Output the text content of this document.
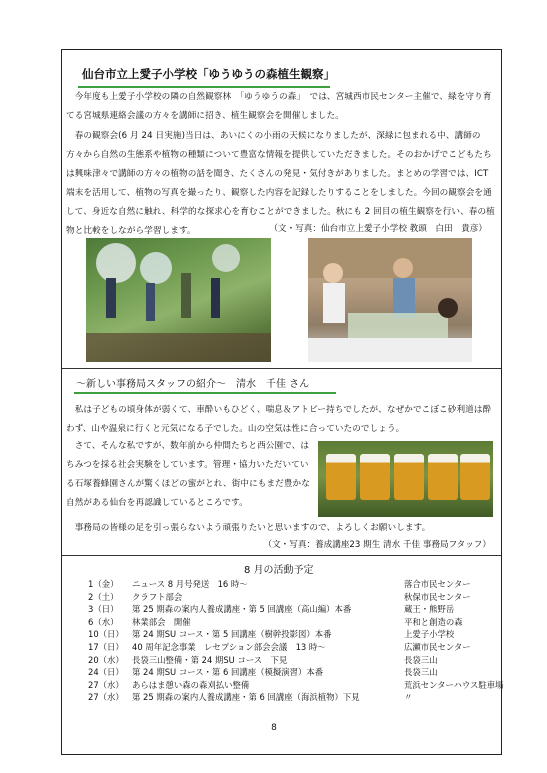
仙台市立上愛子小学校「ゆうゆうの森植生観察」
　今年度も上愛子小学校の隣の自然観察林　「ゆうゆうの森」　では、宮城西市民センター主催で、緑を守り育てる宮城県連絡会議の方々を講師に招き、植生観察会を開催しました。
　春の観察会(6 月 24 日実施)当日は、あいにくの小雨の天候になりましたが、深緑に包まれる中、講師の方々から自然の生態系や植物の種類について豊富な情報を提供していただきました。そのおかげでこどもたちは興味津々で講師の方々の植物の話を聞き、たくさんの発見・気付きがありました。まとめの学習では、ICT 端末を活用して、植物の写真を撮ったり、観察した内容を記録したりすることをしました。今回の観察会を通して、身近な自然に触れ、科学的な探求心を育むことができました。秋にも 2 回目の植生観察を行い、春の植物と比較をしながら学習します。	（文・写真：仙台市立上愛子小学校 教頭　白田　貴彦）
～新しい事務局スタッフの紹介～　清水　千佳 さん
　私は子どもの頃身体が弱くて、車酔いもひどく、喘息＆アトピー持ちでしたが、なぜかでこぼこ砂利道は酔わず、山や温泉に行くと元気になる子でした。山の空気は性に合っていたのでしょう。
　さて、そんな私ですが、数年前から仲間たちと西公園で、はちみつを採る社会実験をしています。管理・協力いただいている石塚養蜂園さんが驚くほどの蜜がとれ、街中にもまだ豊かな自然がある仙台を再認識しているところです。
　事務局の皆様の足を引っ張らないよう頑張りたいと思いますので、よろしくお願いします。
（文・写真：養成講座23 期生 清水 千佳 事務局フタッフ）
8 月の活動予定
1（金） ニュース 8 月号発送　16 時～	落合市民センター
2（土） クラフト部会	秋保市民センター
3（日） 第 25 期森の案内人養成講座・第 5 回講座（高山編）本番	蔵王・熊野岳
6（水） 林業部会　開催	平和と創造の森
10（日） 第 24 期SU コース・第 5 回講座（樹幹投影図）本番	上愛子小学校
17（日） 40 周年記念事業　レセプション部会会議　13 時～	広瀬市民センター
20（水） 長袋三山整備・第 24 期SU コース　下見	長袋三山
24（日） 第 24 期SU コース・第 6 回講座（模擬演習）本番	長袋三山
27（水） あらはま憩い森の森刈払い整備	荒浜センターハウス駐車場
27（水） 第 25 期森の案内人養成講座・第 6 回講座（海浜植物）下見	〃
8
